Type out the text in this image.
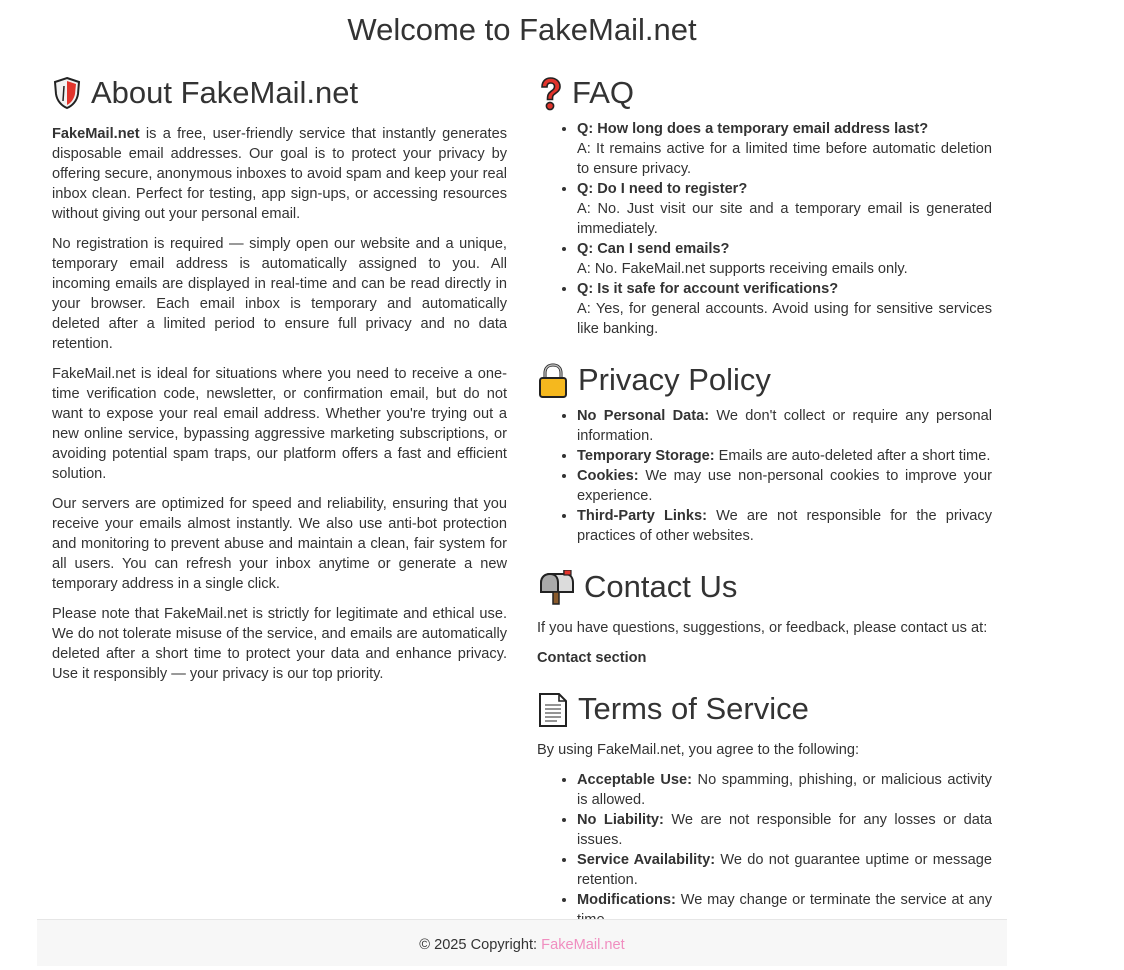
Welcome to FakeMail.net
About FakeMail.net

FakeMail.net is a free, user-friendly service that instantly generates disposable email addresses. Our goal is to protect your privacy by offering secure, anonymous inboxes to avoid spam and keep your real inbox clean. Perfect for testing, app sign-ups, or accessing resources without giving out your personal email.

No registration is required — simply open our website and a unique, temporary email address is automatically assigned to you. All incoming emails are displayed in real-time and can be read directly in your browser. Each email inbox is temporary and automatically deleted after a limited period to ensure full privacy and no data retention.

FakeMail.net is ideal for situations where you need to receive a one-time verification code, newsletter, or confirmation email, but do not want to expose your real email address. Whether you're trying out a new online service, bypassing aggressive marketing subscriptions, or avoiding potential spam traps, our platform offers a fast and efficient solution.

Our servers are optimized for speed and reliability, ensuring that you receive your emails almost instantly. We also use anti-bot protection and monitoring to prevent abuse and maintain a clean, fair system for all users. You can refresh your inbox anytime or generate a new temporary address in a single click.

Please note that FakeMail.net is strictly for legitimate and ethical use. We do not tolerate misuse of the service, and emails are automatically deleted after a short time to protect your data and enhance privacy. Use it responsibly — your privacy is our top priority.

FAQ
• Q: How long does a temporary email address last?
A: It remains active for a limited time before automatic deletion to ensure privacy.
• Q: Do I need to register?
A: No. Just visit our site and a temporary email is generated immediately.
• Q: Can I send emails?
A: No. FakeMail.net supports receiving emails only.
• Q: Is it safe for account verifications?
A: Yes, for general accounts. Avoid using for sensitive services like banking.
Privacy Policy
• No Personal Data: We don't collect or require any personal information.
• Temporary Storage: Emails are auto-deleted after a short time.
• Cookies: We may use non-personal cookies to improve your experience.
• Third-Party Links: We are not responsible for the privacy practices of other websites.
Contact Us

If you have questions, suggestions, or feedback, please contact us at:

Contact section

Terms of Service

By using FakeMail.net, you agree to the following:

• Acceptable Use: No spamming, phishing, or malicious activity is allowed.
• No Liability: We are not responsible for any losses or data issues.
• Service Availability: We do not guarantee uptime or message retention.
• Modifications: We may change or terminate the service at any
© 2025 Copyright: FakeMail.net
